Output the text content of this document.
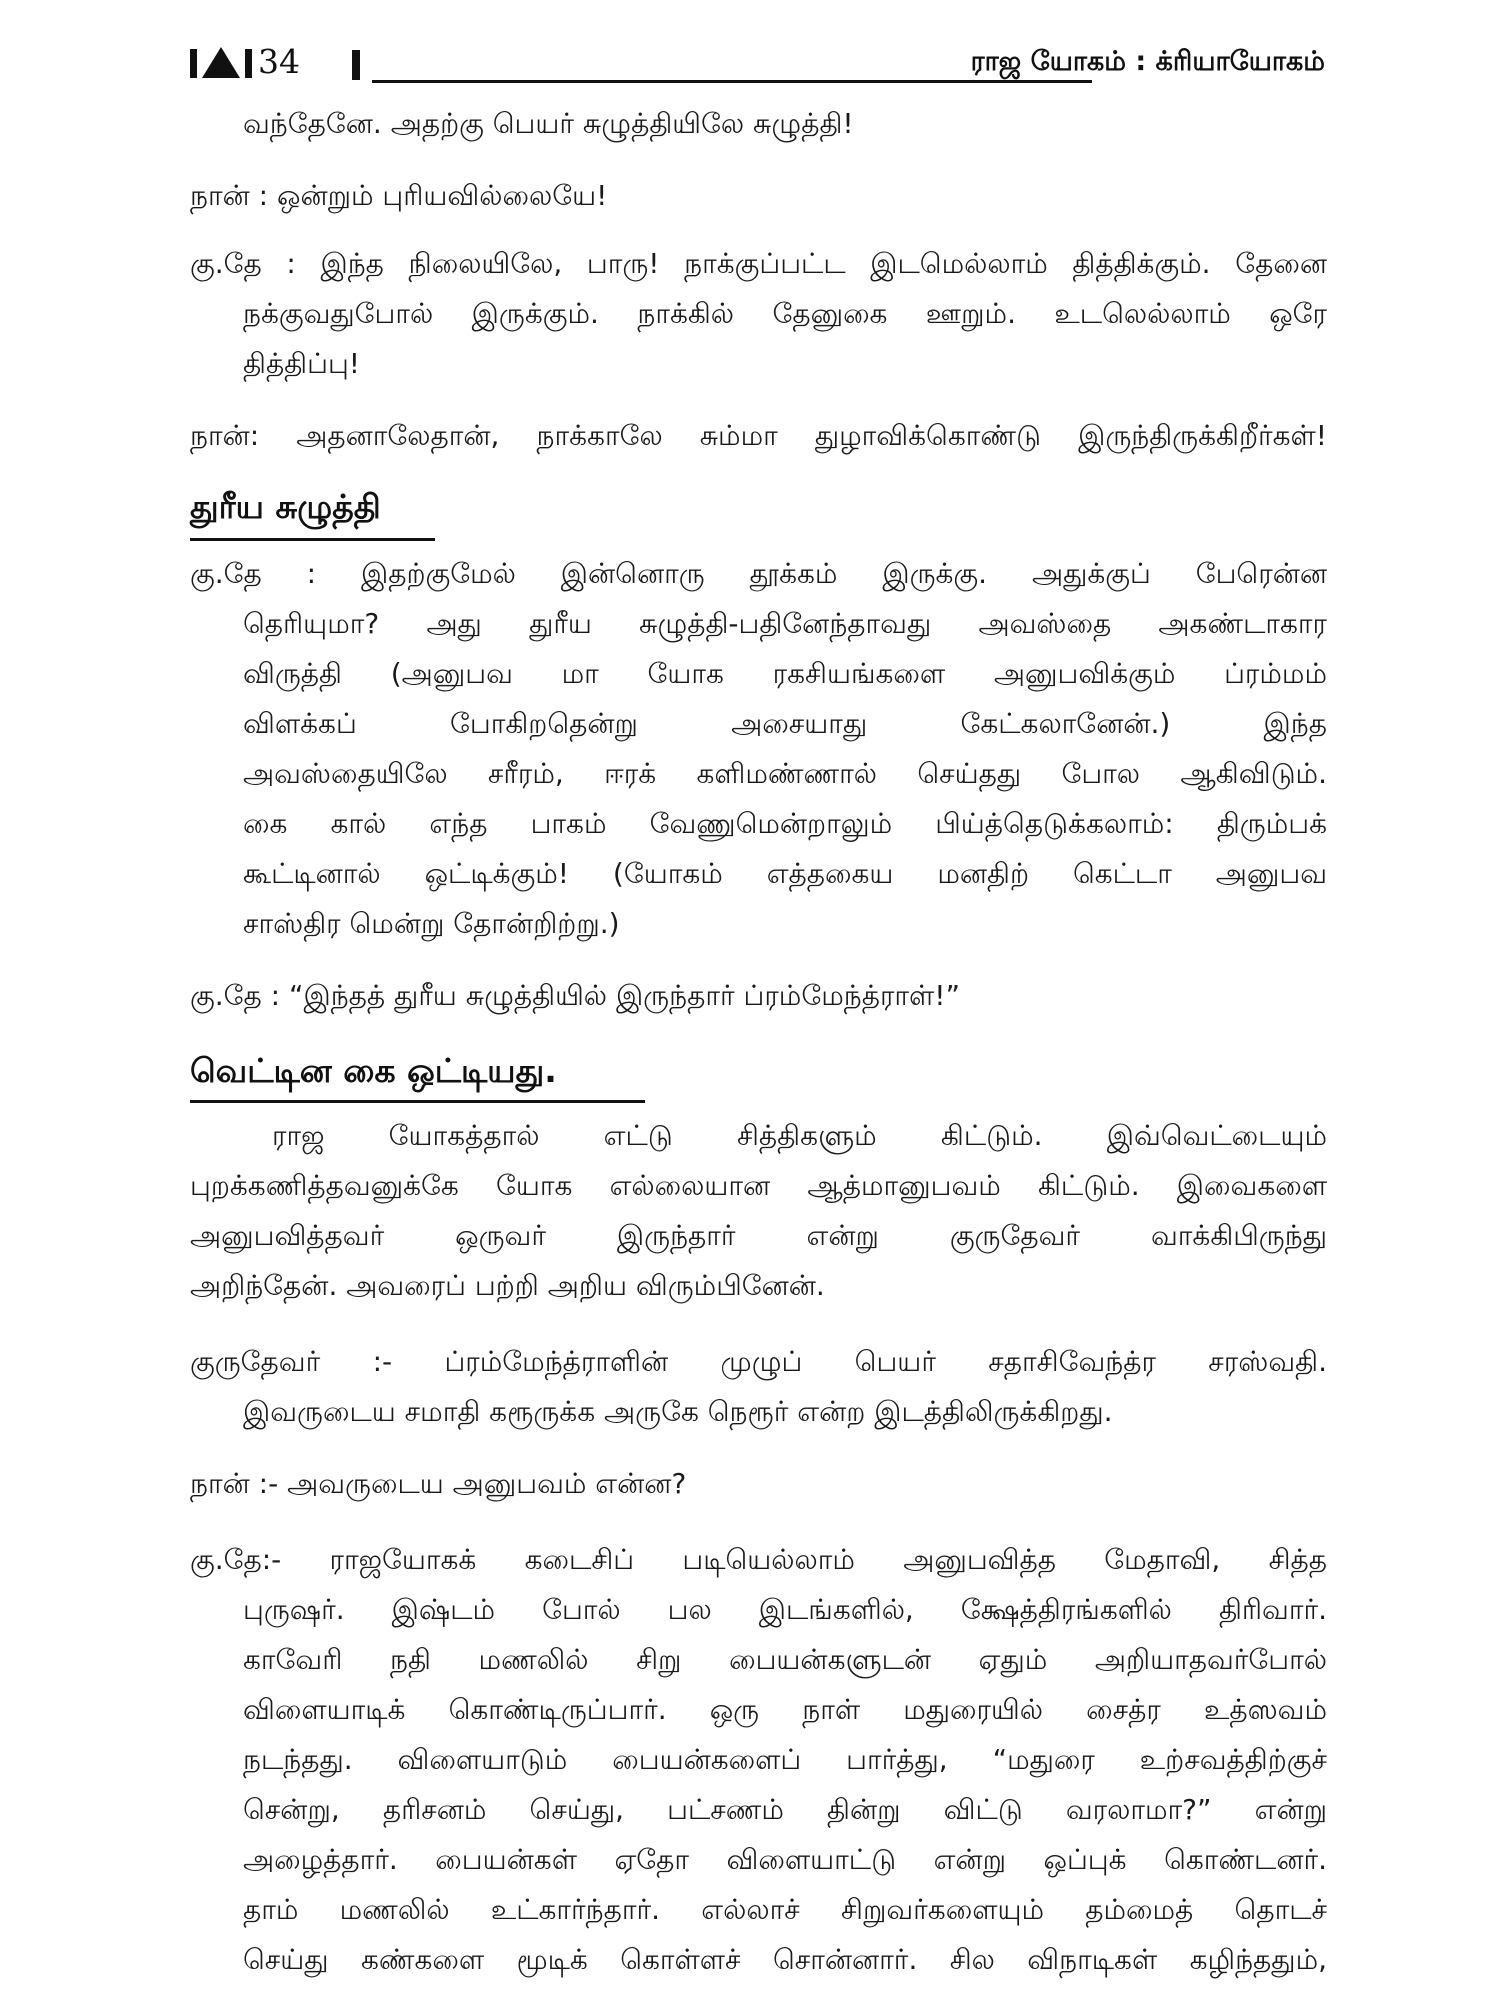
34	ராஜ யோகம் : க்ரியாயோகம்
வந்தேனே. அதற்கு பெயர் சுழுத்தியிலே சுழுத்தி!
நான் : ஒன்றும் புரியவில்லையே!
கு.தே : இந்த நிலையிலே, பாரு! நாக்குப்பட்ட இடமெல்லாம் தித்திக்கும். தேனை
நக்குவதுபோல் இருக்கும். நாக்கில் தேனுகை ஊறும். உடலெல்லாம் ஒரே
தித்திப்பு!
நான்: அதனாலேதான், நாக்காலே சும்மா துழாவிக்கொண்டு இருந்திருக்கிறீர்கள்!
துரீய சுழுத்தி
கு.தே : இதற்குமேல் இன்னொரு தூக்கம் இருக்கு. அதுக்குப் பேரென்ன
தெரியுமா? அது துரீய சுழுத்தி-பதினேந்தாவது அவஸ்தை அகண்டாகார
விருத்தி (அனுபவ மா யோக ரகசியங்களை அனுபவிக்கும் ப்ரம்மம்
விளக்கப் போகிறதென்று அசையாது கேட்கலானேன்.) இந்த
அவஸ்தையிலே சரீரம், ஈரக் களிமண்ணால் செய்தது போல ஆகிவிடும்.
கை கால் எந்த பாகம் வேணுமென்றாலும் பிய்த்தெடுக்கலாம்: திரும்பக்
கூட்டினால் ஒட்டிக்கும்! (யோகம் எத்தகைய மனதிற் கெட்டா அனுபவ
சாஸ்திர மென்று தோன்றிற்று.)
கு.தே : “இந்தத் துரீய சுழுத்தியில் இருந்தார் ப்ரம்மேந்த்ராள்!”
வெட்டின கை ஒட்டியது.
ராஜ யோகத்தால் எட்டு சித்திகளும் கிட்டும். இவ்வெட்டையும்
புறக்கணித்தவனுக்கே யோக எல்லையான ஆத்மானுபவம் கிட்டும். இவைகளை
அனுபவித்தவர் ஒருவர் இருந்தார் என்று குருதேவர் வாக்கிபிருந்து
அறிந்தேன். அவரைப் பற்றி அறிய விரும்பினேன்.
குருதேவர் :- ப்ரம்மேந்த்ராளின் முழுப் பெயர் சதாசிவேந்த்ர சரஸ்வதி.
இவருடைய சமாதி கரூருக்க அருகே நெரூர் என்ற இடத்திலிருக்கிறது.
நான் :- அவருடைய அனுபவம் என்ன?
கு.தே:- ராஜயோகக் கடைசிப் படியெல்லாம் அனுபவித்த மேதாவி, சித்த
புருஷர். இஷ்டம் போல் பல இடங்களில், க்ஷேத்திரங்களில் திரிவார்.
காவேரி நதி மணலில் சிறு பையன்களுடன் ஏதும் அறியாதவர்போல்
விளையாடிக் கொண்டிருப்பார். ஒரு நாள் மதுரையில் சைத்ர உத்ஸவம்
நடந்தது. விளையாடும் பையன்களைப் பார்த்து, “மதுரை உற்சவத்திற்குச்
சென்று, தரிசனம் செய்து, பட்சணம் தின்று விட்டு வரலாமா?” என்று
அழைத்தார். பையன்கள் ஏதோ விளையாட்டு என்று ஒப்புக் கொண்டனர்.
தாம் மணலில் உட்கார்ந்தார். எல்லாச் சிறுவர்களையும் தம்மைத் தொடச்
செய்து கண்களை மூடிக் கொள்ளச் சொன்னார். சில விநாடிகள் கழிந்ததும்,
